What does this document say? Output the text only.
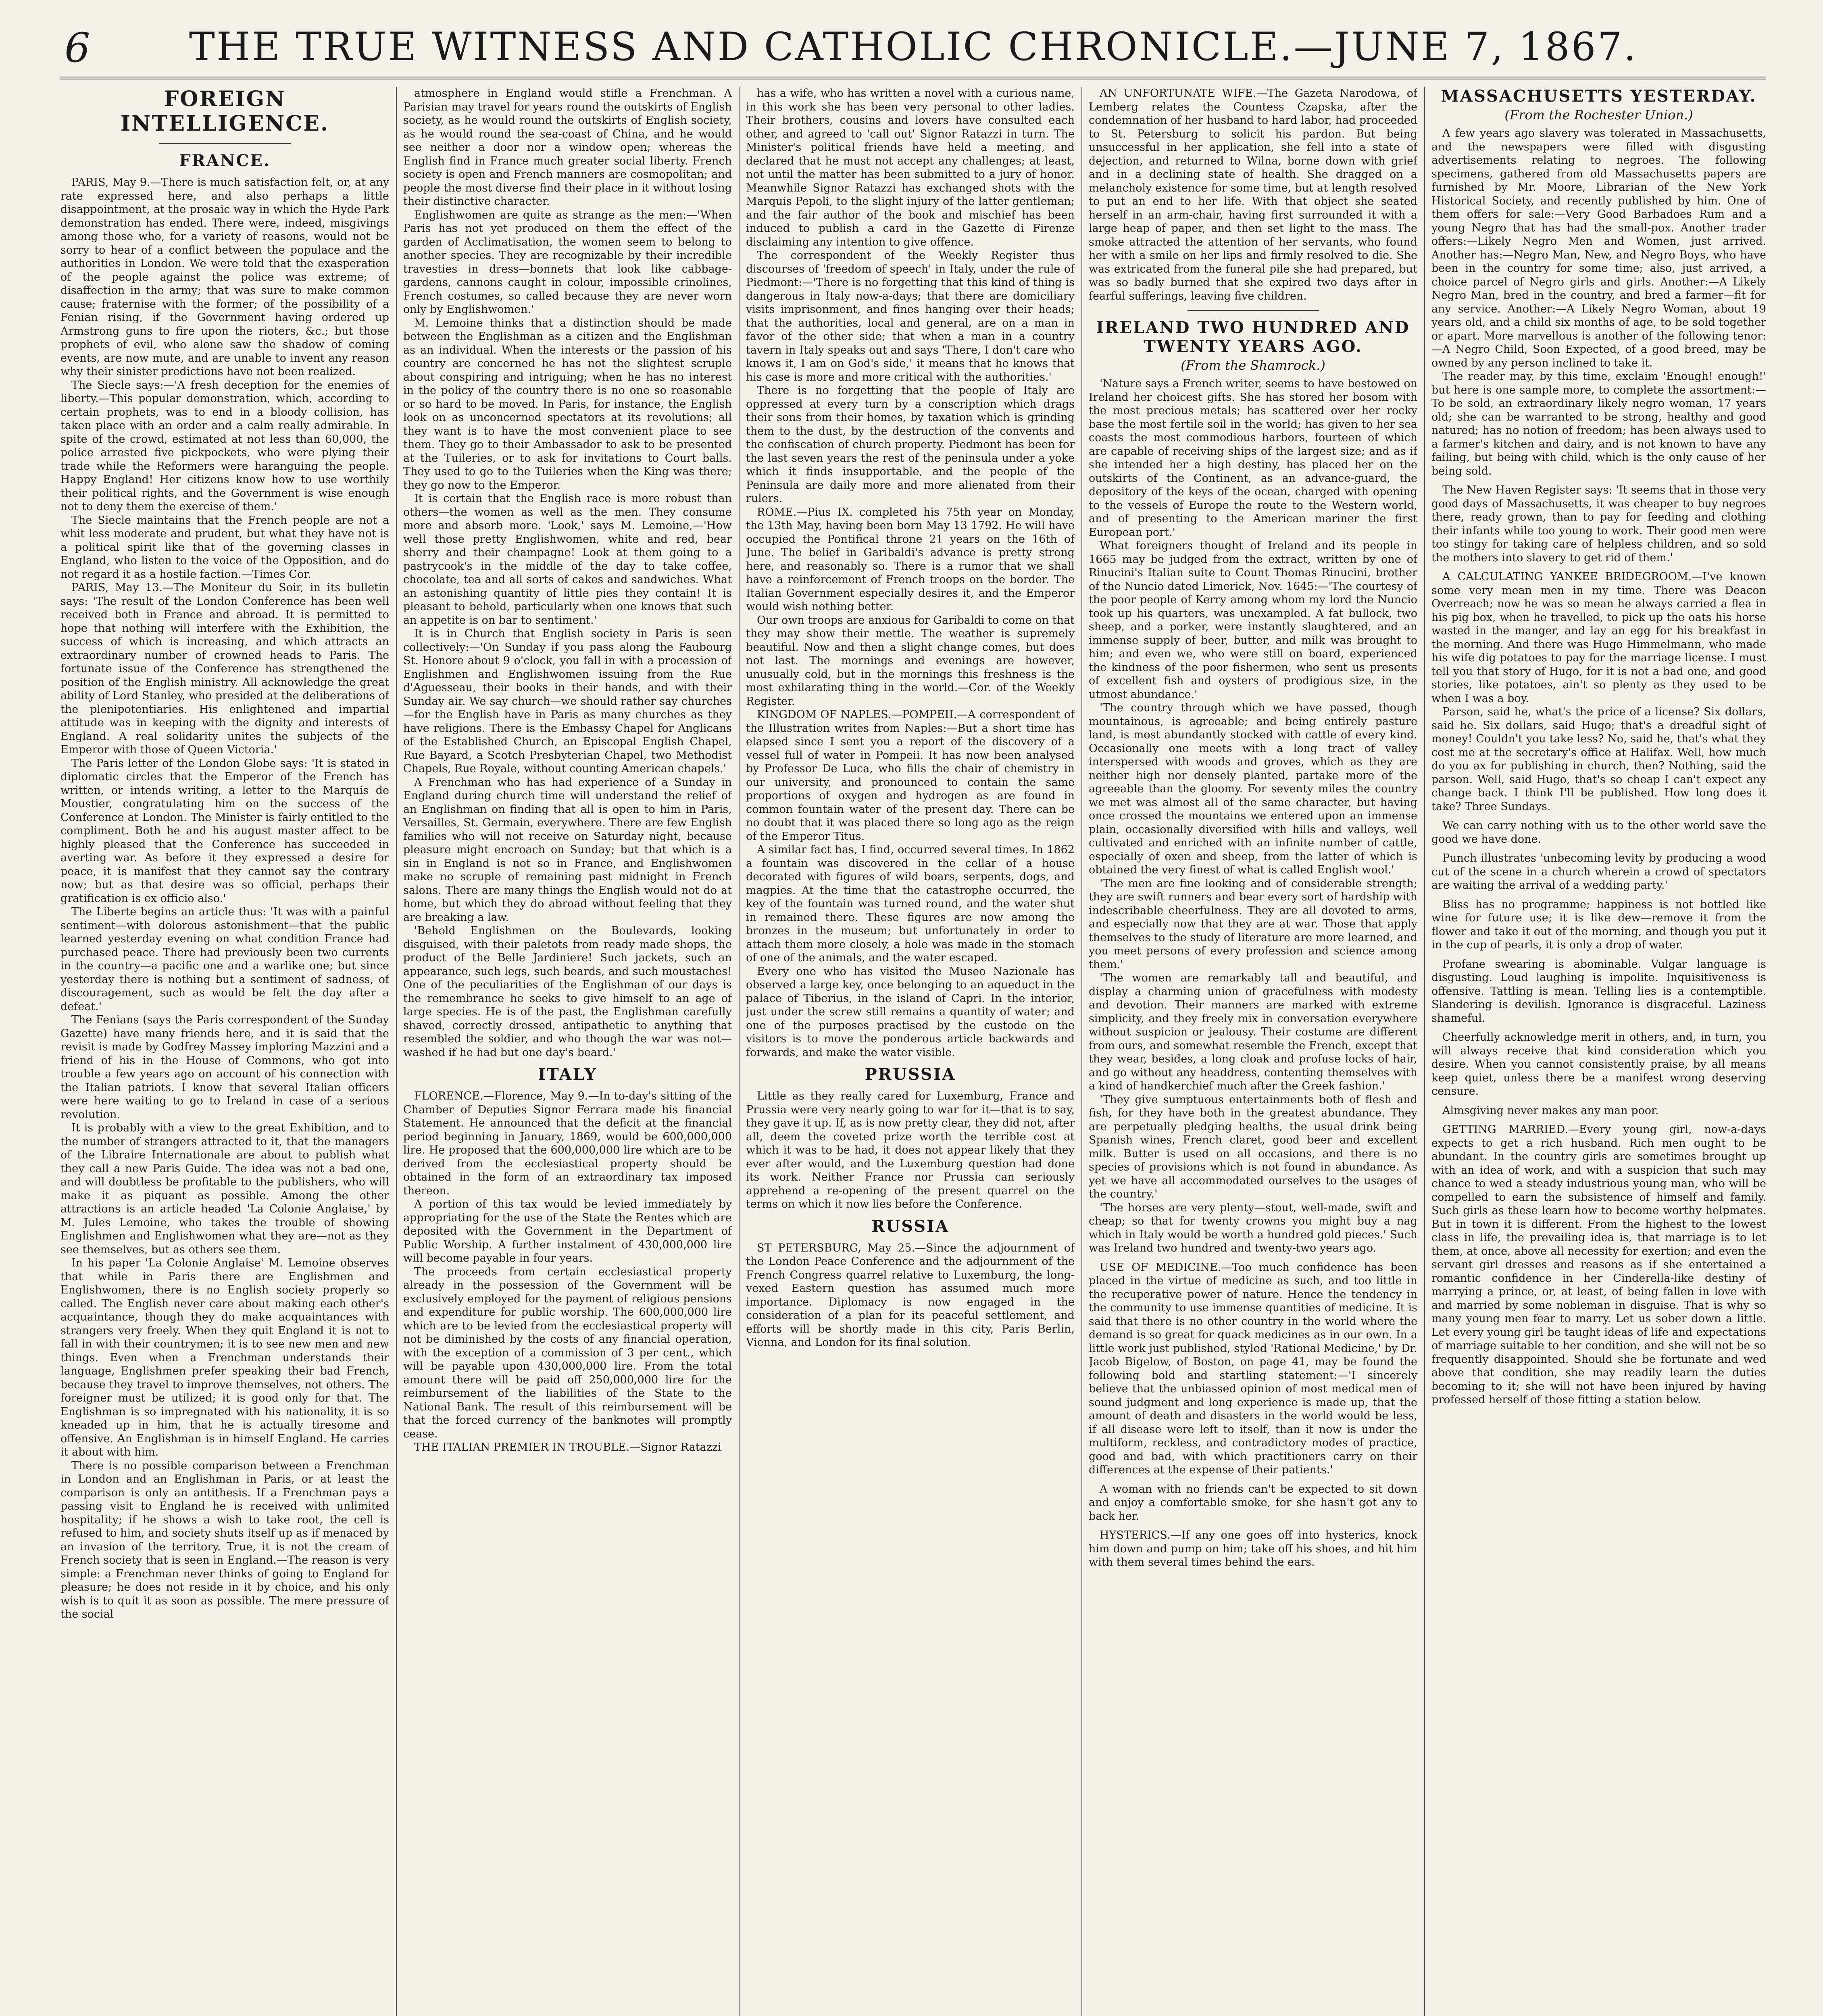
6	THE TRUE WITNESS AND CATHOLIC CHRONICLE.—JUNE 7, 1867.
FOREIGN INTELLIGENCE.
FRANCE.

PARIS, May 9.—There is much satisfaction felt, or, at any rate expressed here, and also perhaps a little disappointment, at the prosaic way in which the Hyde Park demonstration has ended. There were, indeed, misgivings among those who, for a variety of reasons, would not be sorry to hear of a conflict between the populace and the authorities in London. We were told that the exasperation of the people against the police was extreme; of disaffection in the army; that was sure to make common cause; fraternise with the former; of the possibility of a Fenian rising, if the Government having ordered up Armstrong guns to fire upon the rioters, &c.; but those prophets of evil, who alone saw the shadow of coming events, are now mute, and are unable to invent any reason why their sinister predictions have not been realized.

The Siecle says:—'A fresh deception for the enemies of liberty.—This popular demonstration, which, according to certain prophets, was to end in a bloody collision, has taken place with an order and a calm really admirable. In spite of the crowd, estimated at not less than 60,000, the police arrested five pickpockets, who were plying their trade while the Reformers were haranguing the people. Happy England! Her citizens know how to use worthily their political rights, and the Government is wise enough not to deny them the exercise of them.'

The Siecle maintains that the French people are not a whit less moderate and prudent, but what they have not is a political spirit like that of the governing classes in England, who listen to the voice of the Opposition, and do not regard it as a hostile faction.—Times Cor.

PARIS, May 13.—The Moniteur du Soir, in its bulletin says: 'The result of the London Conference has been well received both in France and abroad. It is permitted to hope that nothing will interfere with the Exhibition, the success of which is increasing, and which attracts an extraordinary number of crowned heads to Paris. The fortunate issue of the Conference has strengthened the position of the English ministry. All acknowledge the great ability of Lord Stanley, who presided at the deliberations of the plenipotentiaries. His enlightened and impartial attitude was in keeping with the dignity and interests of England. A real solidarity unites the subjects of the Emperor with those of Queen Victoria.'

The Paris letter of the London Globe says: 'It is stated in diplomatic circles that the Emperor of the French has written, or intends writing, a letter to the Marquis de Moustier, congratulating him on the success of the Conference at London. The Minister is fairly entitled to the compliment. Both he and his august master affect to be highly pleased that the Conference has succeeded in averting war. As before it they expressed a desire for peace, it is manifest that they cannot say the contrary now; but as that desire was so official, perhaps their gratification is ex officio also.'

The Liberte begins an article thus: 'It was with a painful sentiment—with dolorous astonishment—that the public learned yesterday evening on what condition France had purchased peace. There had previously been two currents in the country—a pacific one and a warlike one; but since yesterday there is nothing but a sentiment of sadness, of discouragement, such as would be felt the day after a defeat.'

The Fenians (says the Paris correspondent of the Sunday Gazette) have many friends here, and it is said that the revisit is made by Godfrey Massey imploring Mazzini and a friend of his in the House of Commons, who got into trouble a few years ago on account of his connection with the Italian patriots. I know that several Italian officers were here waiting to go to Ireland in case of a serious revolution.

It is probably with a view to the great Exhibition, and to the number of strangers attracted to it, that the managers of the Libraire Internationale are about to publish what they call a new Paris Guide. The idea was not a bad one, and will doubtless be profitable to the publishers, who will make it as piquant as possible. Among the other attractions is an article headed 'La Colonie Anglaise,' by M. Jules Lemoine, who takes the trouble of showing Englishmen and Englishwomen what they are—not as they see themselves, but as others see them.

In his paper 'La Colonie Anglaise' M. Lemoine observes that while in Paris there are Englishmen and Englishwomen, there is no English society properly so called. The English never care about making each other's acquaintance, though they do make acquaintances with strangers very freely. When they quit England it is not to fall in with their countrymen; it is to see new men and new things. Even when a Frenchman understands their language, Englishmen prefer speaking their bad French, because they travel to improve themselves, not others. The foreigner must be utilized; it is good only for that. The Englishman is so impregnated with his nationality, it is so kneaded up in him, that he is actually tiresome and offensive. An Englishman is in himself England. He carries it about with him.

There is no possible comparison between a Frenchman in London and an Englishman in Paris, or at least the comparison is only an antithesis. If a Frenchman pays a passing visit to England he is received with unlimited hospitality; if he shows a wish to take root, the cell is refused to him, and society shuts itself up as if menaced by an invasion of the territory. True, it is not the cream of French society that is seen in England.—The reason is very simple: a Frenchman never thinks of going to England for pleasure; he does not reside in it by choice, and his only wish is to quit it as soon as possible. The mere pressure of the social

atmosphere in England would stifle a Frenchman. A Parisian may travel for years round the outskirts of English society, as he would round the outskirts of English society, as he would round the sea-coast of China, and he would see neither a door nor a window open; whereas the English find in France much greater social liberty. French society is open and French manners are cosmopolitan; and people the most diverse find their place in it without losing their distinctive character.

Englishwomen are quite as strange as the men:—'When Paris has not yet produced on them the effect of the garden of Acclimatisation, the women seem to belong to another species. They are recognizable by their incredible travesties in dress—bonnets that look like cabbage-gardens, cannons caught in colour, impossible crinolines, French costumes, so called because they are never worn only by Englishwomen.'

M. Lemoine thinks that a distinction should be made between the Englishman as a citizen and the Englishman as an individual. When the interests or the passion of his country are concerned he has not the slightest scruple about conspiring and intriguing; when he has no interest in the policy of the country there is no one so reasonable or so hard to be moved. In Paris, for instance, the English look on as unconcerned spectators at its revolutions; all they want is to have the most convenient place to see them. They go to their Ambassador to ask to be presented at the Tuileries, or to ask for invitations to Court balls. They used to go to the Tuileries when the King was there; they go now to the Emperor.

It is certain that the English race is more robust than others—the women as well as the men. They consume more and absorb more. 'Look,' says M. Lemoine,—'How well those pretty Englishwomen, white and red, bear sherry and their champagne! Look at them going to a pastrycook's in the middle of the day to take coffee, chocolate, tea and all sorts of cakes and sandwiches. What an astonishing quantity of little pies they contain! It is pleasant to behold, particularly when one knows that such an appetite is on bar to sentiment.'

It is in Church that English society in Paris is seen collectively:—'On Sunday if you pass along the Faubourg St. Honore about 9 o'clock, you fall in with a procession of Englishmen and Englishwomen issuing from the Rue d'Aguesseau, their books in their hands, and with their Sunday air. We say church—we should rather say churches—for the English have in Paris as many churches as they have religions. There is the Embassy Chapel for Anglicans of the Established Church, an Episcopal English Chapel, Rue Bayard, a Scotch Presbyterian Chapel, two Methodist Chapels, Rue Royale, without counting American chapels.'

A Frenchman who has had experience of a Sunday in England during church time will understand the relief of an Englishman on finding that all is open to him in Paris, Versailles, St. Germain, everywhere. There are few English families who will not receive on Saturday night, because pleasure might encroach on Sunday; but that which is a sin in England is not so in France, and Englishwomen make no scruple of remaining past midnight in French salons. There are many things the English would not do at home, but which they do abroad without feeling that they are breaking a law.

'Behold Englishmen on the Boulevards, looking disguised, with their paletots from ready made shops, the product of the Belle Jardiniere! Such jackets, such an appearance, such legs, such beards, and such moustaches! One of the peculiarities of the Englishman of our days is the remembrance he seeks to give himself to an age of large species. He is of the past, the Englishman carefully shaved, correctly dressed, antipathetic to anything that resembled the soldier, and who though the war was not—washed if he had but one day's beard.'

ITALY

FLORENCE.—Florence, May 9.—In to-day's sitting of the Chamber of Deputies Signor Ferrara made his financial Statement. He announced that the deficit at the financial period beginning in January, 1869, would be 600,000,000 lire. He proposed that the 600,000,000 lire which are to be derived from the ecclesiastical property should be obtained in the form of an extraordinary tax imposed thereon.

A portion of this tax would be levied immediately by appropriating for the use of the State the Rentes which are deposited with the Government in the Department of Public Worship. A further instalment of 430,000,000 lire will become payable in four years.

The proceeds from certain ecclesiastical property already in the possession of the Government will be exclusively employed for the payment of religious pensions and expenditure for public worship. The 600,000,000 lire which are to be levied from the ecclesiastical property will not be diminished by the costs of any financial operation, with the exception of a commission of 3 per cent., which will be payable upon 430,000,000 lire. From the total amount there will be paid off 250,000,000 lire for the reimbursement of the liabilities of the State to the National Bank. The result of this reimbursement will be that the forced currency of the banknotes will promptly cease.

THE ITALIAN PREMIER IN TROUBLE.—Signor Ratazzi

has a wife, who has written a novel with a curious name, in this work she has been very personal to other ladies. Their brothers, cousins and lovers have consulted each other, and agreed to 'call out' Signor Ratazzi in turn. The Minister's political friends have held a meeting, and declared that he must not accept any challenges; at least, not until the matter has been submitted to a jury of honor. Meanwhile Signor Ratazzi has exchanged shots with the Marquis Pepoli, to the slight injury of the latter gentleman; and the fair author of the book and mischief has been induced to publish a card in the Gazette di Firenze disclaiming any intention to give offence.

The correspondent of the Weekly Register thus discourses of 'freedom of speech' in Italy, under the rule of Piedmont:—'There is no forgetting that this kind of thing is dangerous in Italy now-a-days; that there are domiciliary visits imprisonment, and fines hanging over their heads; that the authorities, local and general, are on a man in favor of the other side; that when a man in a country tavern in Italy speaks out and says 'There, I don't care who knows it, I am on God's side,' it means that he knows that his case is more and more critical with the authorities.'

There is no forgetting that the people of Italy are oppressed at every turn by a conscription which drags their sons from their homes, by taxation which is grinding them to the dust, by the destruction of the convents and the confiscation of church property. Piedmont has been for the last seven years the rest of the peninsula under a yoke which it finds insupportable, and the people of the Peninsula are daily more and more alienated from their rulers.

ROME.—Pius IX. completed his 75th year on Monday, the 13th May, having been born May 13 1792. He will have occupied the Pontifical throne 21 years on the 16th of June. The belief in Garibaldi's advance is pretty strong here, and reasonably so. There is a rumor that we shall have a reinforcement of French troops on the border. The Italian Government especially desires it, and the Emperor would wish nothing better.

Our own troops are anxious for Garibaldi to come on that they may show their mettle. The weather is supremely beautiful. Now and then a slight change comes, but does not last. The mornings and evenings are however, unusually cold, but in the mornings this freshness is the most exhilarating thing in the world.—Cor. of the Weekly Register.

KINGDOM OF NAPLES.—POMPEII.—A correspondent of the Illustration writes from Naples:—But a short time has elapsed since I sent you a report of the discovery of a vessel full of water in Pompeii. It has now been analysed by Professor De Luca, who fills the chair of chemistry in our university, and pronounced to contain the same proportions of oxygen and hydrogen as are found in common fountain water of the present day. There can be no doubt that it was placed there so long ago as the reign of the Emperor Titus.

A similar fact has, I find, occurred several times. In 1862 a fountain was discovered in the cellar of a house decorated with figures of wild boars, serpents, dogs, and magpies. At the time that the catastrophe occurred, the key of the fountain was turned round, and the water shut in remained there. These figures are now among the bronzes in the museum; but unfortunately in order to attach them more closely, a hole was made in the stomach of one of the animals, and the water escaped.

Every one who has visited the Museo Nazionale has observed a large key, once belonging to an aqueduct in the palace of Tiberius, in the island of Capri. In the interior, just under the screw still remains a quantity of water; and one of the purposes practised by the custode on the visitors is to move the ponderous article backwards and forwards, and make the water visible.

PRUSSIA

Little as they really cared for Luxemburg, France and Prussia were very nearly going to war for it—that is to say, they gave it up. If, as is now pretty clear, they did not, after all, deem the coveted prize worth the terrible cost at which it was to be had, it does not appear likely that they ever after would, and the Luxemburg question had done its work. Neither France nor Prussia can seriously apprehend a re-opening of the present quarrel on the terms on which it now lies before the Conference.

RUSSIA

ST PETERSBURG, May 25.—Since the adjournment of the London Peace Conference and the adjournment of the French Congress quarrel relative to Luxemburg, the long-vexed Eastern question has assumed much more importance. Diplomacy is now engaged in the consideration of a plan for its peaceful settlement, and efforts will be shortly made in this city, Paris Berlin, Vienna, and London for its final solution.

AN UNFORTUNATE WIFE.—The Gazeta Narodowa, of Lemberg relates the Countess Czapska, after the condemnation of her husband to hard labor, had proceeded to St. Petersburg to solicit his pardon. But being unsuccessful in her application, she fell into a state of dejection, and returned to Wilna, borne down with grief and in a declining state of health. She dragged on a melancholy existence for some time, but at length resolved to put an end to her life. With that object she seated herself in an arm-chair, having first surrounded it with a large heap of paper, and then set light to the mass. The smoke attracted the attention of her servants, who found her with a smile on her lips and firmly resolved to die. She was extricated from the funeral pile she had prepared, but was so badly burned that she expired two days after in fearful sufferings, leaving five children.

IRELAND TWO HUNDRED AND TWENTY YEARS AGO.
(From the Shamrock.)

'Nature says a French writer, seems to have bestowed on Ireland her choicest gifts. She has stored her bosom with the most precious metals; has scattered over her rocky base the most fertile soil in the world; has given to her sea coasts the most commodious harbors, fourteen of which are capable of receiving ships of the largest size; and as if she intended her a high destiny, has placed her on the outskirts of the Continent, as an advance-guard, the depository of the keys of the ocean, charged with opening to the vessels of Europe the route to the Western world, and of presenting to the American mariner the first European port.'

What foreigners thought of Ireland and its people in 1665 may be judged from the extract, written by one of Rinucini's Italian suite to Count Thomas Rinucini, brother of the Nuncio dated Limerick, Nov. 1645:—'The courtesy of the poor people of Kerry among whom my lord the Nuncio took up his quarters, was unexampled. A fat bullock, two sheep, and a porker, were instantly slaughtered, and an immense supply of beer, butter, and milk was brought to him; and even we, who were still on board, experienced the kindness of the poor fishermen, who sent us presents of excellent fish and oysters of prodigious size, in the utmost abundance.'

'The country through which we have passed, though mountainous, is agreeable; and being entirely pasture land, is most abundantly stocked with cattle of every kind. Occasionally one meets with a long tract of valley interspersed with woods and groves, which as they are neither high nor densely planted, partake more of the agreeable than the gloomy. For seventy miles the country we met was almost all of the same character, but having once crossed the mountains we entered upon an immense plain, occasionally diversified with hills and valleys, well cultivated and enriched with an infinite number of cattle, especially of oxen and sheep, from the latter of which is obtained the very finest of what is called English wool.'

'The men are fine looking and of considerable strength; they are swift runners and bear every sort of hardship with indescribable cheerfulness. They are all devoted to arms, and especially now that they are at war. Those that apply themselves to the study of literature are more learned, and you meet persons of every profession and science among them.'

'The women are remarkably tall and beautiful, and display a charming union of gracefulness with modesty and devotion. Their manners are marked with extreme simplicity, and they freely mix in conversation everywhere without suspicion or jealousy. Their costume are different from ours, and somewhat resemble the French, except that they wear, besides, a long cloak and profuse locks of hair, and go without any headdress, contenting themselves with a kind of handkerchief much after the Greek fashion.'

'They give sumptuous entertainments both of flesh and fish, for they have both in the greatest abundance. They are perpetually pledging healths, the usual drink being Spanish wines, French claret, good beer and excellent milk. Butter is used on all occasions, and there is no species of provisions which is not found in abundance. As yet we have all accommodated ourselves to the usages of the country.'

'The horses are very plenty—stout, well-made, swift and cheap; so that for twenty crowns you might buy a nag which in Italy would be worth a hundred gold pieces.' Such was Ireland two hundred and twenty-two years ago.

USE OF MEDICINE.—Too much confidence has been placed in the virtue of medicine as such, and too little in the recuperative power of nature. Hence the tendency in the community to use immense quantities of medicine. It is said that there is no other country in the world where the demand is so great for quack medicines as in our own. In a little work just published, styled 'Rational Medicine,' by Dr. Jacob Bigelow, of Boston, on page 41, may be found the following bold and startling statement:—'I sincerely believe that the unbiassed opinion of most medical men of sound judgment and long experience is made up, that the amount of death and disasters in the world would be less, if all disease were left to itself, than it now is under the multiform, reckless, and contradictory modes of practice, good and bad, with which practitioners carry on their differences at the expense of their patients.'

A woman with no friends can't be expected to sit down and enjoy a comfortable smoke, for she hasn't got any to back her.

HYSTERICS.—If any one goes off into hysterics, knock him down and pump on him; take off his shoes, and hit him with them several times behind the ears.

MASSACHUSETTS YESTERDAY.
(From the Rochester Union.)

A few years ago slavery was tolerated in Massachusetts, and the newspapers were filled with disgusting advertisements relating to negroes. The following specimens, gathered from old Massachusetts papers are furnished by Mr. Moore, Librarian of the New York Historical Society, and recently published by him. One of them offers for sale:—Very Good Barbadoes Rum and a young Negro that has had the small-pox. Another trader offers:—Likely Negro Men and Women, just arrived. Another has:—Negro Man, New, and Negro Boys, who have been in the country for some time; also, just arrived, a choice parcel of Negro girls and girls. Another:—A Likely Negro Man, bred in the country, and bred a farmer—fit for any service. Another:—A Likely Negro Woman, about 19 years old, and a child six months of age, to be sold together or apart. More marvellous is another of the following tenor:—A Negro Child, Soon Expected, of a good breed, may be owned by any person inclined to take it.

The reader may, by this time, exclaim 'Enough! enough!' but here is one sample more, to complete the assortment:—To be sold, an extraordinary likely negro woman, 17 years old; she can be warranted to be strong, healthy and good natured; has no notion of freedom; has been always used to a farmer's kitchen and dairy, and is not known to have any failing, but being with child, which is the only cause of her being sold.

The New Haven Register says: 'It seems that in those very good days of Massachusetts, it was cheaper to buy negroes there, ready grown, than to pay for feeding and clothing their infants while too young to work. Their good men were too stingy for taking care of helpless children, and so sold the mothers into slavery to get rid of them.'

A CALCULATING YANKEE BRIDEGROOM.—I've known some very mean men in my time. There was Deacon Overreach; now he was so mean he always carried a flea in his pig box, when he travelled, to pick up the oats his horse wasted in the manger, and lay an egg for his breakfast in the morning. And there was Hugo Himmelmann, who made his wife dig potatoes to pay for the marriage license. I must tell you that story of Hugo, for it is not a bad one, and good stories, like potatoes, ain't so plenty as they used to be when I was a boy.

Parson, said he, what's the price of a license? Six dollars, said he. Six dollars, said Hugo; that's a dreadful sight of money! Couldn't you take less? No, said he, that's what they cost me at the secretary's office at Halifax. Well, how much do you ax for publishing in church, then? Nothing, said the parson. Well, said Hugo, that's so cheap I can't expect any change back. I think I'll be published. How long does it take? Three Sundays.

We can carry nothing with us to the other world save the good we have done.

Punch illustrates 'unbecoming levity by producing a wood cut of the scene in a church wherein a crowd of spectators are waiting the arrival of a wedding party.'

Bliss has no programme; happiness is not bottled like wine for future use; it is like dew—remove it from the flower and take it out of the morning, and though you put it in the cup of pearls, it is only a drop of water.

Profane swearing is abominable. Vulgar language is disgusting. Loud laughing is impolite. Inquisitiveness is offensive. Tattling is mean. Telling lies is a contemptible. Slandering is devilish. Ignorance is disgraceful. Laziness shameful.

Cheerfully acknowledge merit in others, and, in turn, you will always receive that kind consideration which you desire. When you cannot consistently praise, by all means keep quiet, unless there be a manifest wrong deserving censure.

Almsgiving never makes any man poor.

GETTING MARRIED.—Every young girl, now-a-days expects to get a rich husband. Rich men ought to be abundant. In the country girls are sometimes brought up with an idea of work, and with a suspicion that such may chance to wed a steady industrious young man, who will be compelled to earn the subsistence of himself and family. Such girls as these learn how to become worthy helpmates. But in town it is different. From the highest to the lowest class in life, the prevailing idea is, that marriage is to let them, at once, above all necessity for exertion; and even the servant girl dresses and reasons as if she entertained a romantic confidence in her Cinderella-like destiny of marrying a prince, or, at least, of being fallen in love with and married by some nobleman in disguise. That is why so many young men fear to marry. Let us sober down a little. Let every young girl be taught ideas of life and expectations of marriage suitable to her condition, and she will not be so frequently disappointed. Should she be fortunate and wed above that condition, she may readily learn the duties becoming to it; she will not have been injured by having professed herself of those fitting a station below.
